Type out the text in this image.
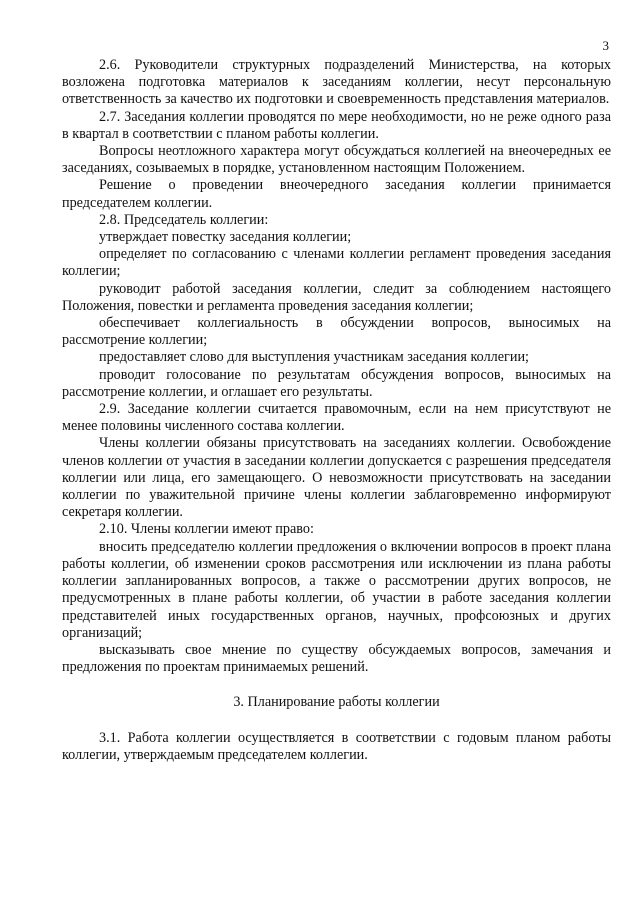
3

2.6. Руководители структурных подразделений Министерства, на которых возложена подготовка материалов к заседаниям коллегии, несут персональную ответственность за качество их подготовки и своевременность представления материалов.

2.7. Заседания коллегии проводятся по мере необходимости, но не реже одного раза в квартал в соответствии с планом работы коллегии.

Вопросы неотложного характера могут обсуждаться коллегией на внеочередных ее заседаниях, созываемых в порядке, установленном настоящим Положением.

Решение о проведении внеочередного заседания коллегии принимается председателем коллегии.

2.8. Председатель коллегии:

утверждает повестку заседания коллегии;

определяет по согласованию с членами коллегии регламент проведения заседания коллегии;

руководит работой заседания коллегии, следит за соблюдением настоящего Положения, повестки и регламента проведения заседания коллегии;

обеспечивает коллегиальность в обсуждении вопросов, выносимых на рассмотрение коллегии;

предоставляет слово для выступления участникам заседания коллегии;

проводит голосование по результатам обсуждения вопросов, выносимых на рассмотрение коллегии, и оглашает его результаты.

2.9. Заседание коллегии считается правомочным, если на нем присутствуют не менее половины численного состава коллегии.

Члены коллегии обязаны присутствовать на заседаниях коллегии. Освобождение членов коллегии от участия в заседании коллегии допускается с разрешения председателя коллегии или лица, его замещающего. О невозможности присутствовать на заседании коллегии по уважительной причине члены коллегии заблаговременно информируют секретаря коллегии.

2.10. Члены коллегии имеют право:

вносить председателю коллегии предложения о включении вопросов в проект плана работы коллегии, об изменении сроков рассмотрения или исключении из плана работы коллегии запланированных вопросов, а также о рассмотрении других вопросов, не предусмотренных в плане работы коллегии, об участии в работе заседания коллегии представителей иных государственных органов, научных, профсоюзных и других организаций;

высказывать свое мнение по существу обсуждаемых вопросов, замечания и предложения по проектам принимаемых решений.

3. Планирование работы коллегии

3.1. Работа коллегии осуществляется в соответствии с годовым планом работы коллегии, утверждаемым председателем коллегии.
